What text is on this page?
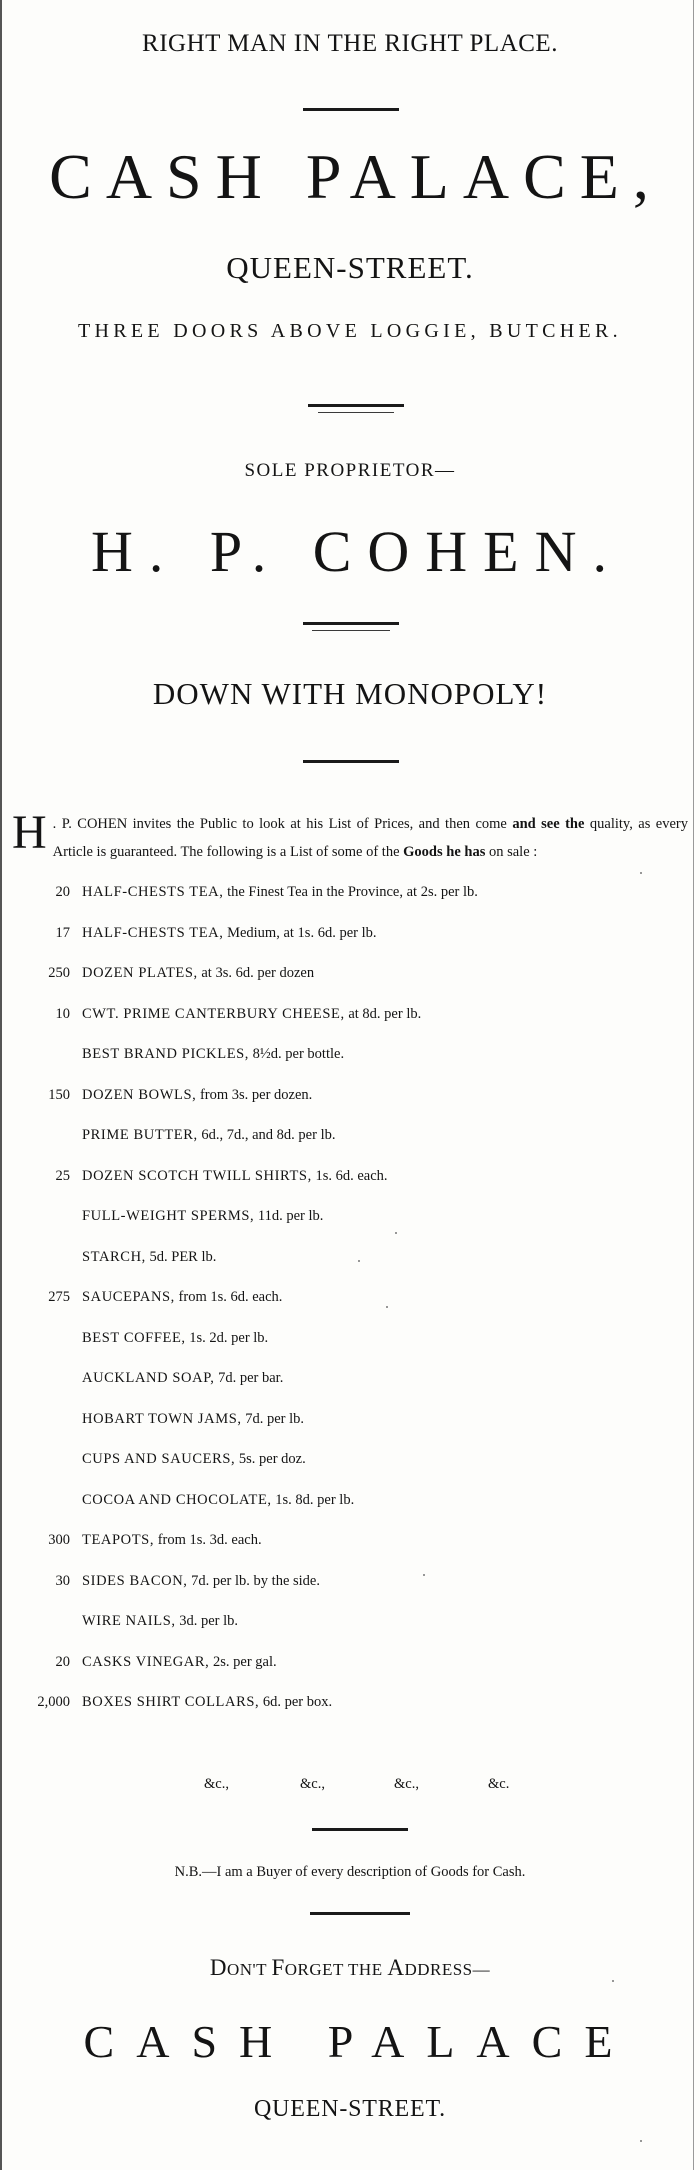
RIGHT MAN IN THE RIGHT PLACE.
CASH PALACE,
QUEEN-STREET.
THREE DOORS ABOVE LOGGIE, BUTCHER.
SOLE PROPRIETOR—
H. P. COHEN.
DOWN WITH MONOPOLY!
H . P. COHEN invites the Public to look at his List of Prices, and then come and see the quality, as every Article is guaranteed. The following is a List of some of the Goods he has on sale :
20 HALF-CHESTS TEA, the Finest Tea in the Province, at 2s. per lb.
17 HALF-CHESTS TEA, Medium, at 1s. 6d. per lb.
250 DOZEN PLATES, at 3s. 6d. per dozen
10 CWT. PRIME CANTERBURY CHEESE, at 8d. per lb.
BEST BRAND PICKLES, 8½d. per bottle.
150 DOZEN BOWLS, from 3s. per dozen.
PRIME BUTTER, 6d., 7d., and 8d. per lb.
25 DOZEN SCOTCH TWILL SHIRTS, 1s. 6d. each.
FULL-WEIGHT SPERMS, 11d. per lb.
STARCH, 5d. PER lb.
275 SAUCEPANS, from 1s. 6d. each.
BEST COFFEE, 1s. 2d. per lb.
AUCKLAND SOAP, 7d. per bar.
HOBART TOWN JAMS, 7d. per lb.
CUPS AND SAUCERS, 5s. per doz.
COCOA AND CHOCOLATE, 1s. 8d. per lb.
300 TEAPOTS, from 1s. 3d. each.
30 SIDES BACON, 7d. per lb. by the side.
WIRE NAILS, 3d. per lb.
20 CASKS VINEGAR, 2s. per gal.
2,000 BOXES SHIRT COLLARS, 6d. per box.
&c.,	&c.,	&c.,	&c.
N.B.—I am a Buyer of every description of Goods for Cash.
DON'T FORGET THE ADDRESS—
CASH PALACE
QUEEN-STREET.
